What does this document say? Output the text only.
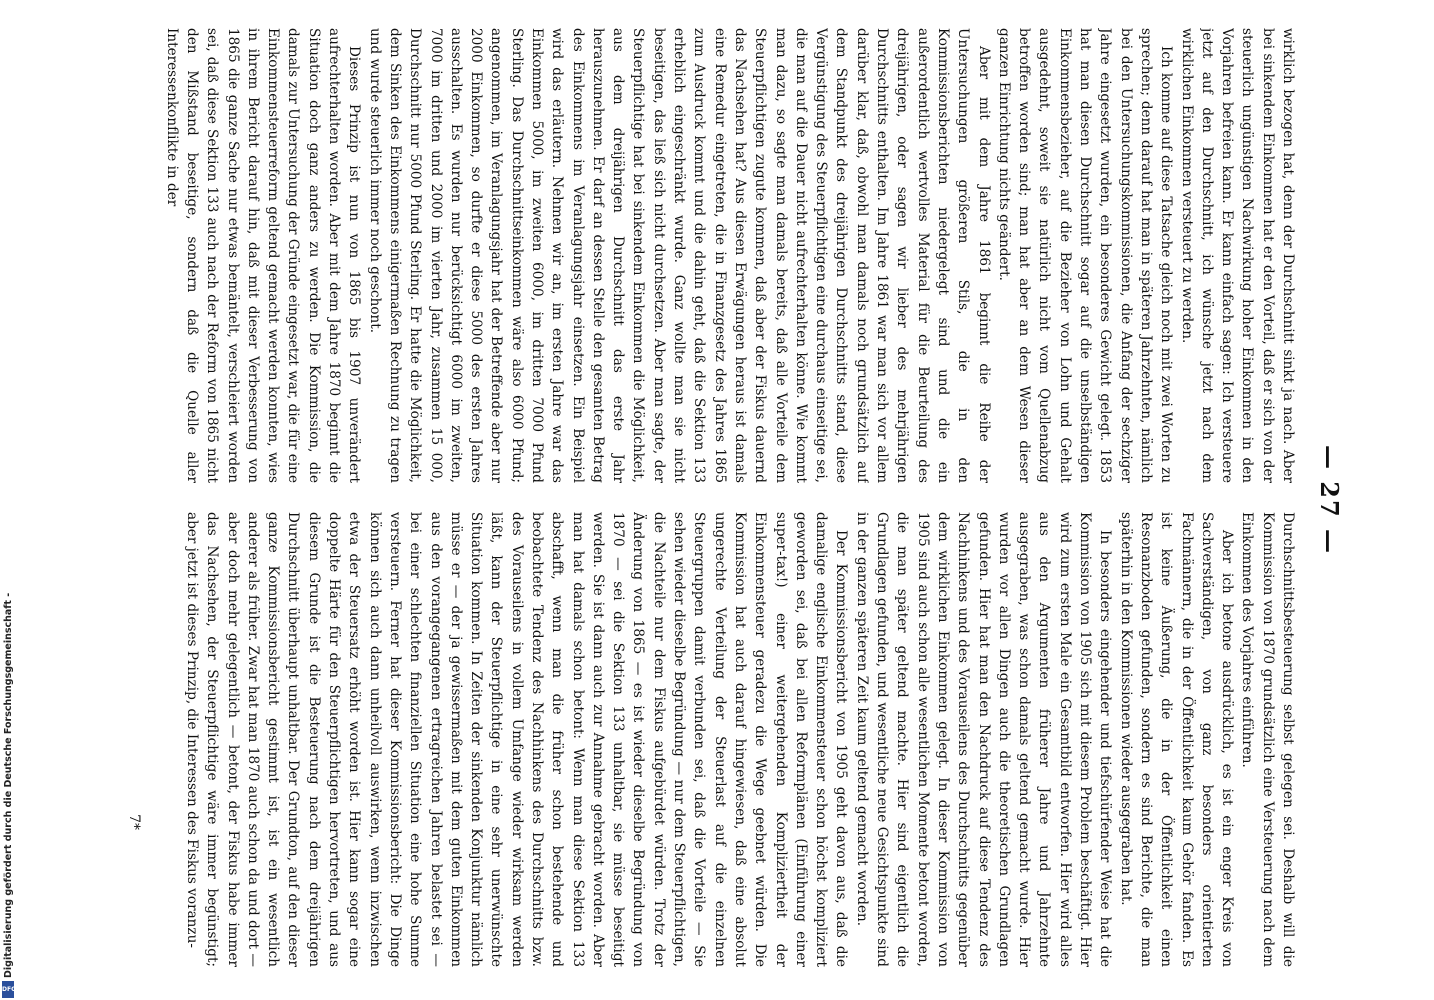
— 27 —

wirklich bezogen hat, denn der Durchschnitt sinkt ja nach. Aber bei sinkendem Einkommen hat er den Vorteil, daß er sich von der steuerlich ungünstigen Nachwirkung hoher Einkommen in den Vorjahren befreien kann. Er kann einfach sagen: Ich versteuere jetzt auf den Durchschnitt, ich wünsche jetzt nach dem wirklichen Einkommen versteuert zu werden.

Ich komme auf diese Tatsache gleich noch mit zwei Worten zu sprechen; denn darauf hat man in späteren Jahrzehnten, nämlich bei den Untersuchungskommissionen, die Anfang der sechziger Jahre eingesetzt wurden, ein besonderes Gewicht gelegt. 1853 hat man diesen Durchschnitt sogar auf die unselbständigen Einkommensbezieher, auf die Bezieher von Lohn und Gehalt ausgedehnt, soweit sie natürlich nicht vom Quellenabzug betroffen worden sind; man hat aber an dem Wesen dieser ganzen Einrichtung nichts geändert.

Aber mit dem Jahre 1861 beginnt die Reihe der Untersuchungen größeren Stils, die in den Kommissionsberichten niedergelegt sind und die ein außerordentlich wertvolles Material für die Beurteilung des dreijährigen, oder sagen wir lieber des mehrjährigen Durchschnitts enthalten. Im Jahre 1861 war man sich vor allem darüber klar, daß, obwohl man damals noch grundsätzlich auf dem Standpunkt des dreijährigen Durchschnitts stand, diese Vergünstigung des Steuerpflichtigen eine durchaus einseitige sei, die man auf die Dauer nicht aufrechterhalten könne. Wie kommt man dazu, so sagte man damals bereits, daß alle Vorteile dem Steuerpflichtigen zugute kommen, daß aber der Fiskus dauernd das Nachsehen hat? Aus diesen Erwägungen heraus ist damals eine Remedur eingetreten, die in Finanzgesetz des Jahres 1865 zum Ausdruck kommt und die dahin geht, daß die Sektion 133 erheblich eingeschränkt wurde. Ganz wollte man sie nicht beseitigen, das ließ sich nicht durchsetzen. Aber man sagte, der Steuerpflichtige hat bei sinkendem Einkommen die Möglichkeit, aus dem dreijährigen Durchschnitt das erste Jahr herauszunehmen. Er darf an dessen Stelle den gesamten Betrag des Einkommens im Veranlagungsjahr einsetzen. Ein Beispiel wird das erläutern. Nehmen wir an, im ersten Jahre war das Einkommen 5000, im zweiten 6000, im dritten 7000 Pfund Sterling. Das Durchschnittseinkommen wäre also 6000 Pfund; angenommen, im Veranlagungsjahr hat der Betreffende aber nur 2000 Einkommen, so durfte er diese 5000 des ersten Jahres ausschalten. Es wurden nur berücksichtigt 6000 im zweiten, 7000 im dritten und 2000 im vierten Jahr, zusammen 15 000, Durchschnitt nur 5000 Pfund Sterling. Er hatte die Möglichkeit, dem Sinken des Einkommens einigermaßen Rechnung zu tragen und wurde steuerlich immer noch geschont.

Dieses Prinzip ist nun von 1865 bis 1907 unverändert aufrechterhalten worden. Aber mit dem Jahre 1870 beginnt die Situation doch ganz anders zu werden. Die Kommission, die damals zur Untersuchung der Gründe eingesetzt war, die für eine Einkommensteuerreform geltend gemacht werden konnten, wies in ihrem Bericht darauf hin, daß mit dieser Verbesserung von 1865 die ganze Sache nur etwas bemäntelt, verschleiert worden sei, daß diese Sektion 133 auch nach der Reform von 1865 nicht den Mißstand beseitige, sondern daß die Quelle aller Interessenkonflikte in der

Durchschnittsbesteuerung selbst gelegen sei. Deshalb will die Kommission von 1870 grundsätzlich eine Versteuerung nach dem Einkommen des Vorjahres einführen.

Aber ich betone ausdrücklich, es ist ein enger Kreis von Sachverständigen, von ganz besonders orientierten Fachmännern, die in der Öffentlichkeit kaum Gehör fanden. Es ist keine Äußerung, die in der Öffentlichkeit einen Resonanzboden gefunden, sondern es sind Berichte, die man späterhin in den Kommissionen wieder ausgegraben hat.

In besonders eingehender und tiefschürfender Weise hat die Kommission von 1905 sich mit diesem Problem beschäftigt. Hier wird zum ersten Male ein Gesamtbild entworfen. Hier wird alles aus den Argumenten früherer Jahre und Jahrzehnte ausgegraben, was schon damals geltend gemacht wurde. Hier wurden vor allen Dingen auch die theoretischen Grundlagen gefunden. Hier hat man den Nachdruck auf diese Tendenz des Nachhinkens und des Vorauseilens des Durchschnitts gegenüber dem wirklichen Einkommen gelegt. In dieser Kommission von 1905 sind auch schon alle wesentlichen Momente betont worden, die man später geltend machte. Hier sind eigentlich die Grundlagen gefunden, und wesentliche neue Gesichtspunkte sind in der ganzen späteren Zeit kaum geltend gemacht worden.

Der Kommissionsbericht von 1905 geht davon aus, daß die damalige englische Einkommensteuer schon höchst kompliziert geworden sei, daß bei allen Reformplänen (Einführung einer super-tax!) einer weitergehenden Kompliziertheit der Einkommensteuer geradezu die Wege geebnet würden. Die Kommission hat auch darauf hingewiesen, daß eine absolut ungerechte Verteilung der Steuerlast auf die einzelnen Steuergruppen damit verbunden sei, daß die Vorteile — Sie sehen wieder dieselbe Begründung — nur dem Steuerpflichtigen, die Nachteile nur dem Fiskus aufgebürdet würden. Trotz der Änderung von 1865 — es ist wieder dieselbe Begründung von 1870 — sei die Sektion 133 unhaltbar, sie müsse beseitigt werden. Sie ist dann auch zur Annahme gebracht worden. Aber man hat damals schon betont: Wenn man diese Sektion 133 abschafft, wenn man die früher schon bestehende und beobachtete Tendenz des Nachhinkens des Durchschnitts bzw. des Vorauseilens in vollem Umfange wieder wirksam werden läßt, kann der Steuerpflichtige in eine sehr unerwünschte Situation kommen. In Zeiten der sinkenden Konjunktur nämlich müsse er — der ja gewissermaßen mit dem guten Einkommen aus den vorangegangenen ertragreichen Jahren belastet sei — bei einer schlechten finanziellen Situation eine hohe Summe versteuern. Ferner hat dieser Kommissionsbericht: Die Dinge können sich auch dann unheilvoll auswirken, wenn inzwischen etwa der Steuersatz erhöht worden ist. Hier kann sogar eine doppelte Härte für den Steuerpflichtigen hervortreten, und aus diesem Grunde ist die Besteuerung nach dem dreijährigen Durchschnitt überhaupt unhaltbar. Der Grundton, auf den dieser ganze Kommissionsbericht gestimmt ist, ist ein wesentlich anderer als früher. Zwar hat man 1870 auch schon da und dort — aber doch mehr gelegentlich — betont, der Fiskus habe immer das Nachsehen, der Steuerpflichtige wäre immer begünstigt; aber jetzt ist dieses Prinzip, die Interessen des Fiskus voranzu-

7*
Digitalisierung gefördert durch die Deutsche Forschungsgemeinschaft -
DFG
